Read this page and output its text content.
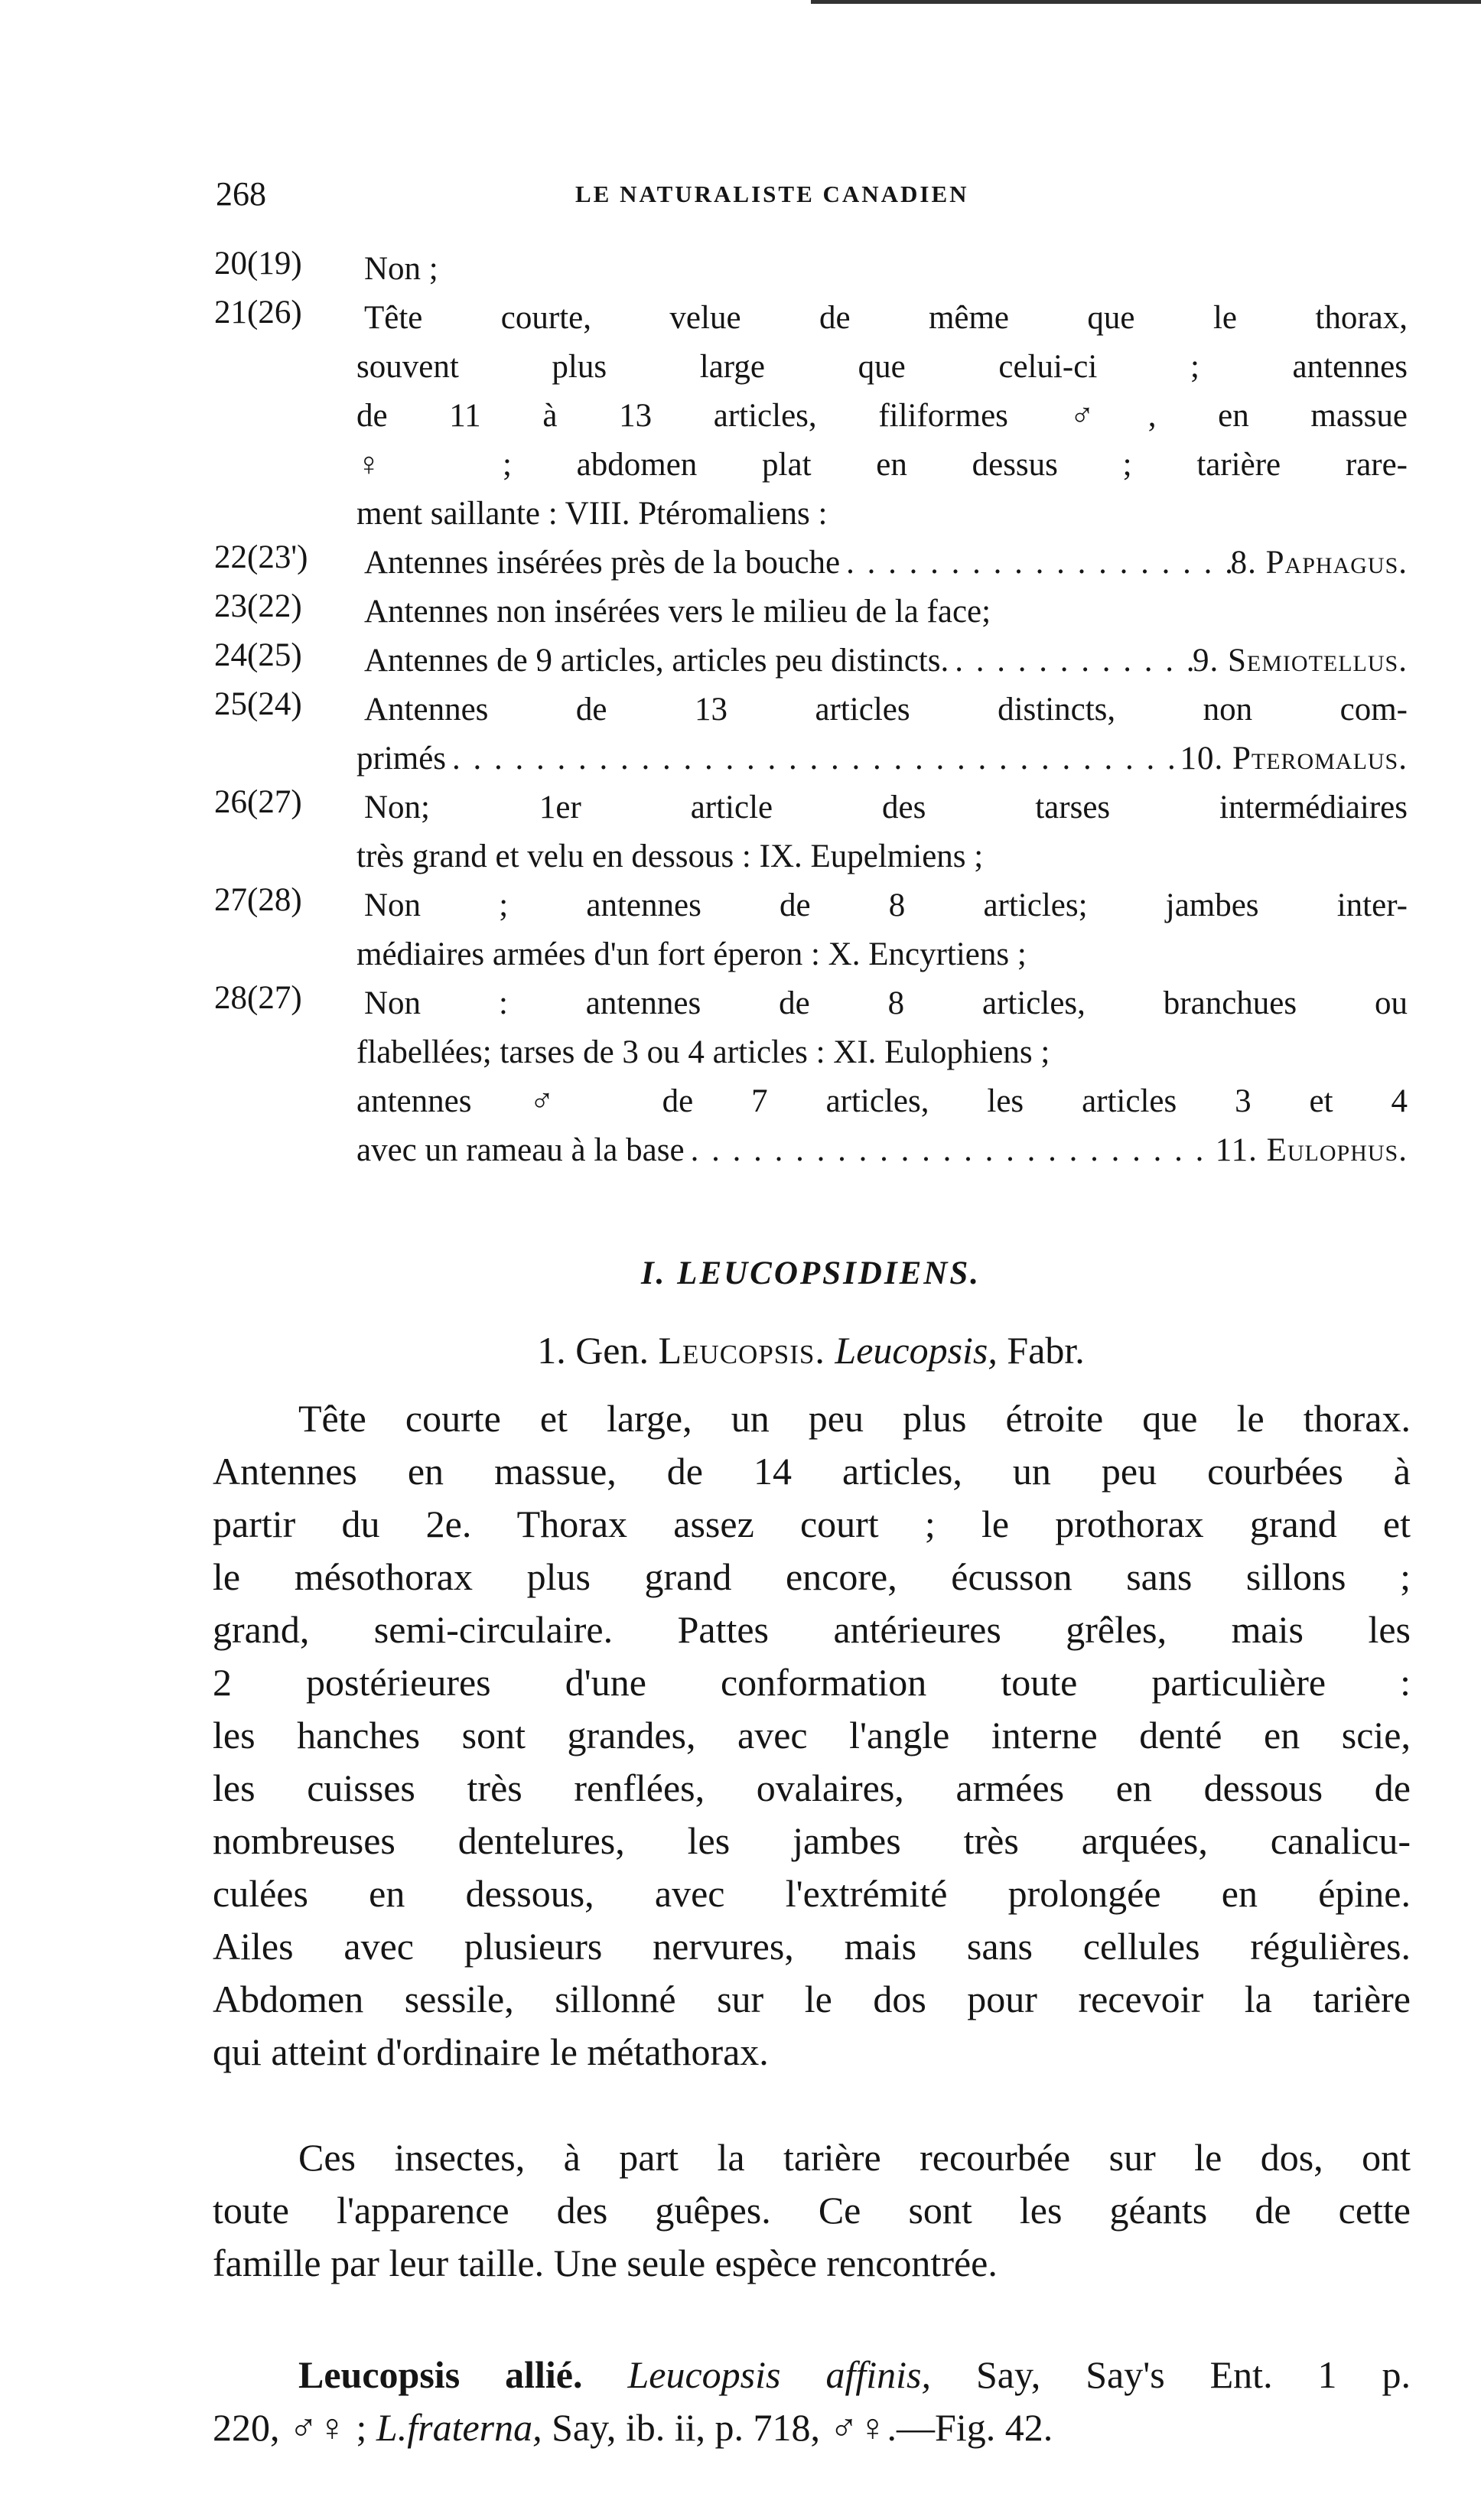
268	LE NATURALISTE CANADIEN
20(19)	Non ;
21(26)	Tête courte, velue de même que le thorax,
souvent plus large que celui-ci ; antennes
de 11 à 13 articles, filiformes ♂, en massue
♀ ; abdomen plat en dessus ; tarière rare-
ment saillante : VIII. Ptéromaliens :
22(23') Antennes insérées près de la bouche . . .	8. Paphagus.
23(22)	Antennes non insérées vers le milieu de la face;
24(25) Antennes de 9 articles, articles peu distincts. . . .	9. Semiotellus.
25(24)	Antennes de 13 articles distincts, non com-
primés . . .	10. Pteromalus.
26(27)	Non; 1er article des tarses intermédiaires
très grand et velu en dessous : IX. Eupelmiens ;
27(28)	Non ; antennes de 8 articles; jambes inter-
médiaires armées d'un fort éperon : X. Encyrtiens ;
28(27)	Non : antennes de 8 articles, branchues ou
flabellées; tarses de 3 ou 4 articles : XI. Eulophiens ;
antennes ♂ de 7 articles, les articles 3 et 4
avec un rameau à la base . . .	11. Eulophus.
I. LEUCOPSIDIENS.
1. Gen. Leucopsis. Leucopsis, Fabr.
Tête courte et large, un peu plus étroite que le thorax.
Antennes en massue, de 14 articles, un peu courbées à
partir du 2e. Thorax assez court ; le prothorax grand et
le mésothorax plus grand encore, écusson sans sillons ;
grand, semi-circulaire. Pattes antérieures grêles, mais les
2 postérieures d'une conformation toute particulière :
les hanches sont grandes, avec l'angle interne denté en scie,
les cuisses très renflées, ovalaires, armées en dessous de
nombreuses dentelures, les jambes très arquées, canalicu-
culées en dessous, avec l'extrémité prolongée en épine.
Ailes avec plusieurs nervures, mais sans cellules régulières.
Abdomen sessile, sillonné sur le dos pour recevoir la tarière
qui atteint d'ordinaire le métathorax.
Ces insectes, à part la tarière recourbée sur le dos, ont
toute l'apparence des guêpes. Ce sont les géants de cette
famille par leur taille. Une seule espèce rencontrée.
Leucopsis allié. Leucopsis affinis, Say, Say's Ent. 1 p.
220, ♂♀ ; L.fraterna, Say, ib. ii, p. 718, ♂♀.—Fig. 42.
